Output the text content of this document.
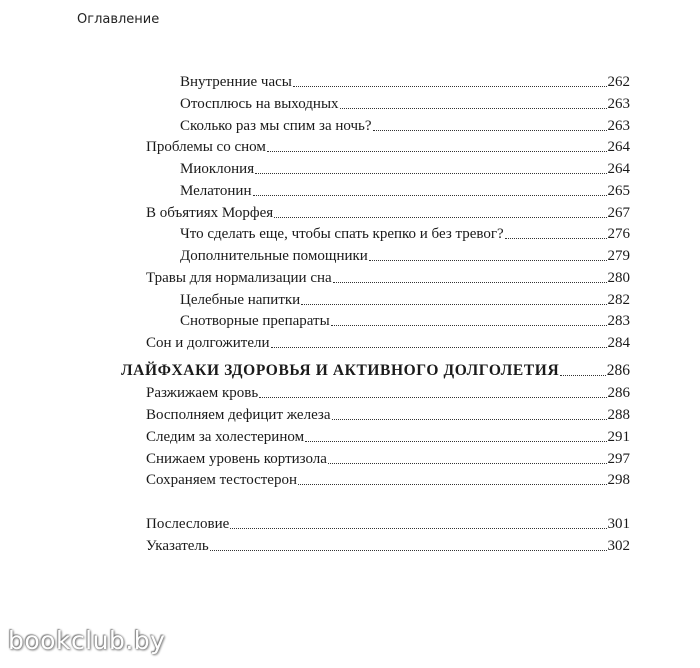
Оглавление
Внутренние часы	262
Отосплюсь на выходных	263
Сколько раз мы спим за ночь?	263
Проблемы со сном	264
Миоклония	264
Мелатонин	265
В объятиях Морфея	267
Что сделать еще, чтобы спать крепко и без тревог?	276
Дополнительные помощники	279
Травы для нормализации сна	280
Целебные напитки	282
Снотворные препараты	283
Сон и долгожители	284
ЛАЙФХАКИ ЗДОРОВЬЯ И АКТИВНОГО ДОЛГОЛЕТИЯ	286
Разжижаем кровь	286
Восполняем дефицит железа	288
Следим за холестерином	291
Снижаем уровень кортизола	297
Сохраняем тестостерон	298
Послесловие	301
Указатель	302
bookclub.by
